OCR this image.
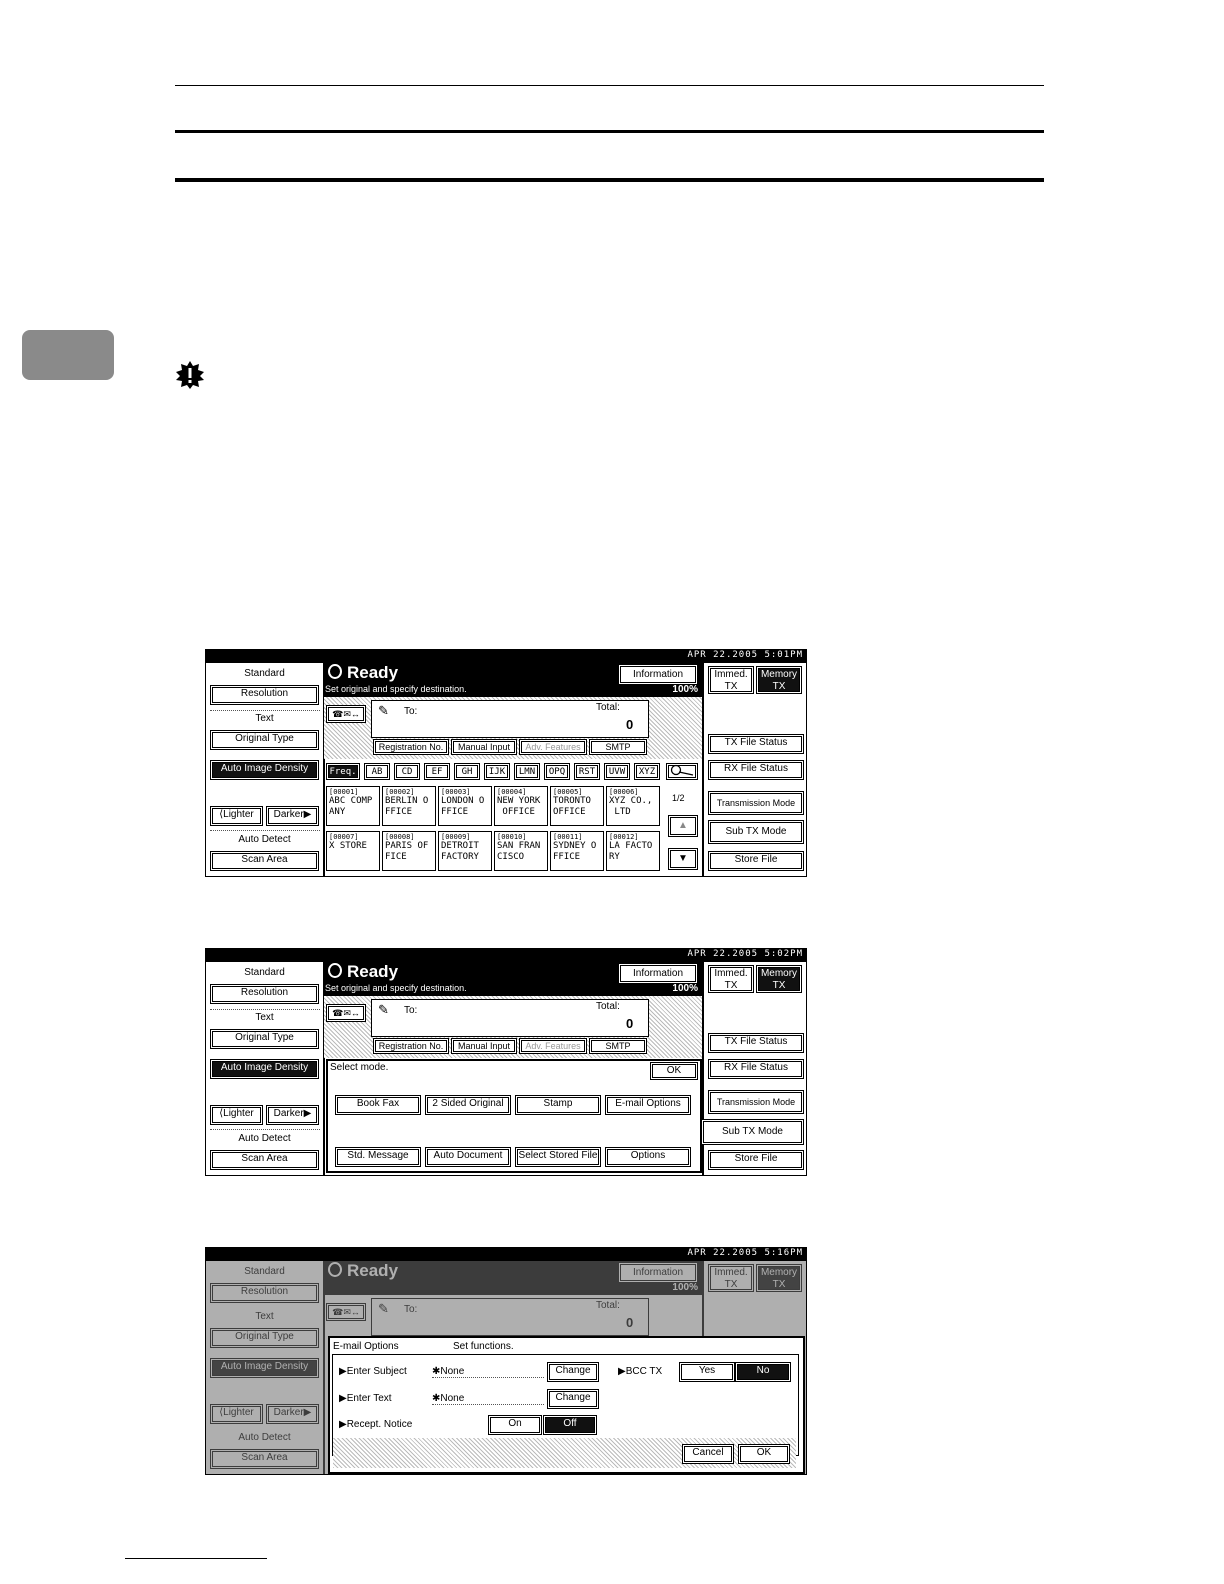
APR 22.2005 5:01PM
Standard
Resolution
Text
Original Type
Auto Image Density
⟨Lighter	Darker▶
Auto Detect
Scan Area
Ready
Set original and specify destination.
Information
100%
☎✉↔	✎ To:	Total:
0
Registration No.	Manual Input	Adv. Features	SMTP
Freq.	AB	CD	EF	GH	IJK	LMN	OPQ	RST	UVW	XYZ
[00001]
ABC COMP
ANY
[00002]
BERLIN O
FFICE
[00003]
LONDON O
FFICE
[00004]
NEW YORK
OFFICE
[00005]
TORONTO
OFFICE
[00006]
XYZ CO.,
LTD
[00007]
X STORE
[00008]
PARIS OF
FICE
[00009]
DETROIT
FACTORY
[00010]
SAN FRAN
CISCO
[00011]
SYDNEY O
FFICE
[00012]
LA FACTO
RY
1/2
▲
▼
Immed. TX
Memory TX
TX File Status
RX File Status
Transmission Mode
Sub TX Mode
Store File
APR 22.2005 5:02PM
Standard
Resolution
Text
Original Type
Auto Image Density
⟨Lighter	Darker▶
Auto Detect
Scan Area
Ready
Set original and specify destination.
Information
100%
☎✉↔	✎ To:	Total:
0
Registration No.	Manual Input	Adv. Features	SMTP
Select mode.	OK
Book Fax	2 Sided Original	Stamp	E-mail Options
Std. Message	Auto Document	Select Stored File	Options
Immed. TX
Memory TX
TX File Status
RX File Status
Transmission Mode
Sub TX Mode
Store File
APR 22.2005 5:16PM
E-mail Options	Set functions.
▶Enter Subject	✱None	Change	▶BCC TX	Yes	No
▶Enter Text	✱None	Change
▶Recept. Notice	On	Off
Cancel	OK
